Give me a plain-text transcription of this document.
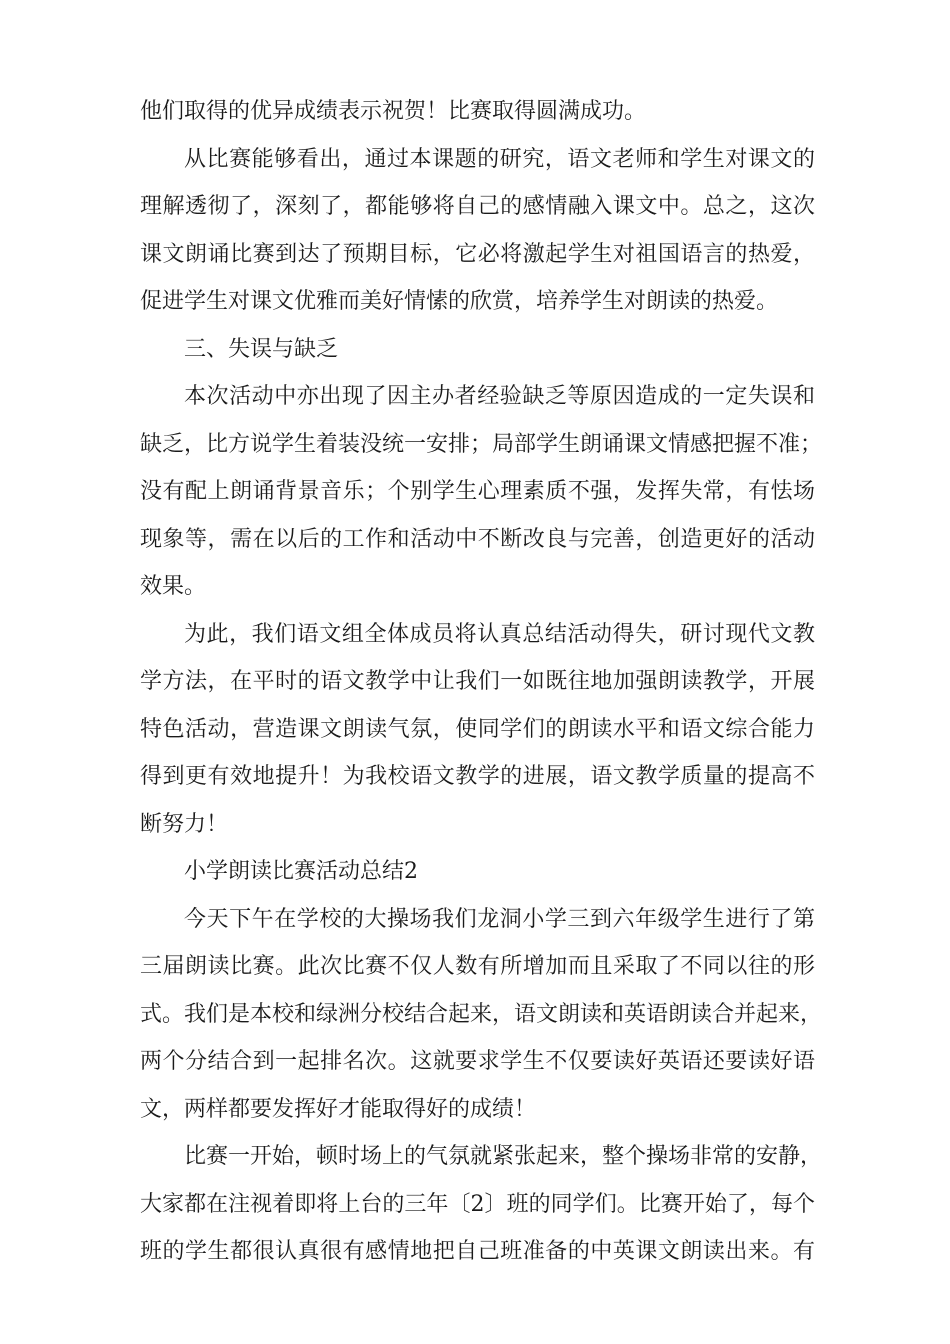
他们取得的优异成绩表示祝贺！比赛取得圆满成功。
从比赛能够看出，通过本课题的研究，语文老师和学生对课文的
理解透彻了，深刻了，都能够将自己的感情融入课文中。总之，这次
课文朗诵比赛到达了预期目标，它必将激起学生对祖国语言的热爱，
促进学生对课文优雅而美好情愫的欣赏，培养学生对朗读的热爱。
三、失误与缺乏
本次活动中亦出现了因主办者经验缺乏等原因造成的一定失误和
缺乏，比方说学生着装没统一安排；局部学生朗诵课文情感把握不准；
没有配上朗诵背景音乐；个别学生心理素质不强，发挥失常，有怯场
现象等，需在以后的工作和活动中不断改良与完善，创造更好的活动
效果。
为此，我们语文组全体成员将认真总结活动得失，研讨现代文教
学方法，在平时的语文教学中让我们一如既往地加强朗读教学，开展
特色活动，营造课文朗读气氛，使同学们的朗读水平和语文综合能力
得到更有效地提升！为我校语文教学的进展，语文教学质量的提高不
断努力！
小学朗读比赛活动总结2
今天下午在学校的大操场我们龙洞小学三到六年级学生进行了第
三届朗读比赛。此次比赛不仅人数有所增加而且采取了不同以往的形
式。我们是本校和绿洲分校结合起来，语文朗读和英语朗读合并起来，
两个分结合到一起排名次。这就要求学生不仅要读好英语还要读好语
文，两样都要发挥好才能取得好的成绩！
比赛一开始，顿时场上的气氛就紧张起来，整个操场非常的安静，
大家都在注视着即将上台的三年〔2〕班的同学们。比赛开始了，每个
班的学生都很认真很有感情地把自己班准备的中英课文朗读出来。有
